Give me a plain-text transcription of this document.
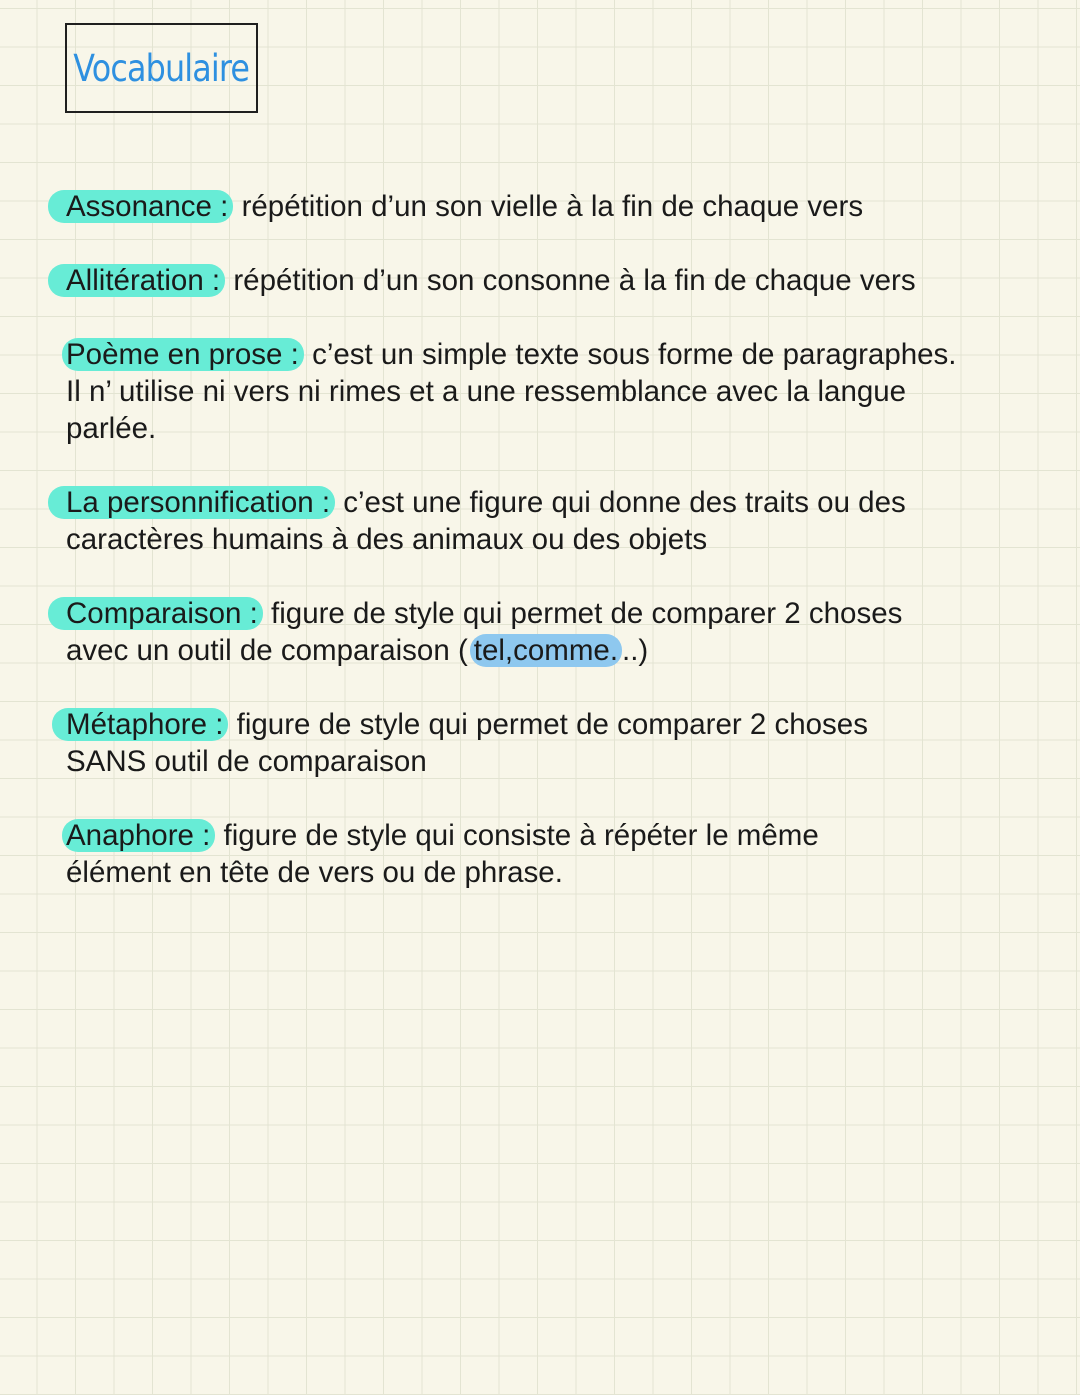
Vocabulaire

Assonance : répétition d’un son vielle à la fin de chaque vers

Allitération : répétition d’un son consonne à la fin de chaque vers

Poème en prose : c’est un simple texte sous forme de paragraphes. Il n’ utilise ni vers ni rimes et a une ressemblance avec la langue parlée.

La personnification : c’est une figure qui donne des traits ou des caractères humains à des animaux ou des objets

Comparaison : figure de style qui permet de comparer 2 choses avec un outil de comparaison ( tel,comme. ..)

Métaphore : figure de style qui permet de comparer 2 choses SANS outil de comparaison

Anaphore : figure de style qui consiste à répéter le même élément en tête de vers ou de phrase.
